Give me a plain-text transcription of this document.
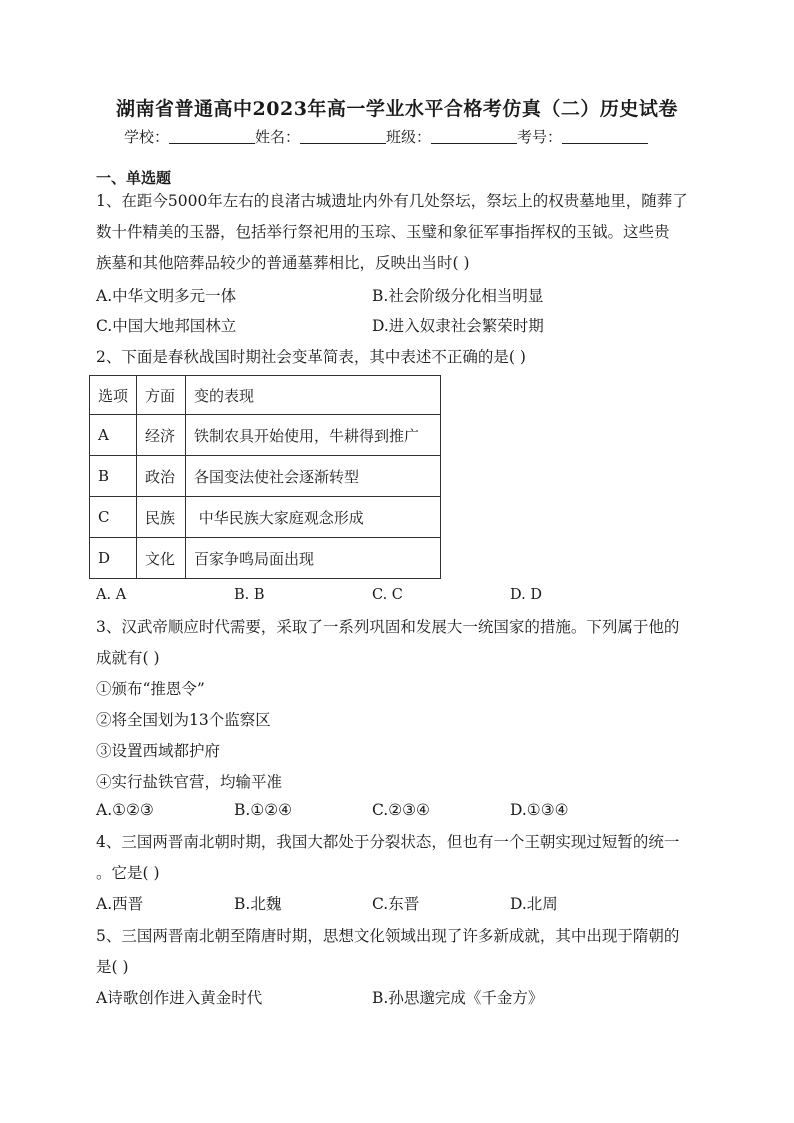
湖南省普通高中2023年高一学业水平合格考仿真（二）历史试卷
学校：	姓名：	班级：	考号：
一、单选题
1、在距今5000年左右的良渚古城遗址内外有几处祭坛，祭坛上的权贵墓地里，随葬了
数十件精美的玉器，包括举行祭祀用的玉琮、玉璧和象征军事指挥权的玉钺。这些贵
族墓和其他陪葬品较少的普通墓葬相比，反映出当时( )
A.中华文明多元一体	B.社会阶级分化相当明显
C.中国大地邦国林立	D.进入奴隶社会繁荣时期
2、下面是春秋战国时期社会变革简表，其中表述不正确的是( )
选项	方面	变的表现
A	经济	铁制农具开始使用，牛耕得到推广
B	政治	各国变法使社会逐渐转型
C	民族	中华民族大家庭观念形成
D	文化	百家争鸣局面出现
A. A	B. B	C. C	D. D
3、汉武帝顺应时代需要，采取了一系列巩固和发展大一统国家的措施。下列属于他的
成就有( )
①颁布“推恩令”
②将全国划为13个监察区
③设置西域都护府
④实行盐铁官营，均输平准
A.①②③	B.①②④	C.②③④	D.①③④
4、三国两晋南北朝时期，我国大都处于分裂状态，但也有一个王朝实现过短暂的统一
。它是( )
A.西晋	B.北魏	C.东晋	D.北周
5、三国两晋南北朝至隋唐时期，思想文化领域出现了许多新成就，其中出现于隋朝的
是( )
A诗歌创作进入黄金时代	B.孙思邈完成《千金方》
